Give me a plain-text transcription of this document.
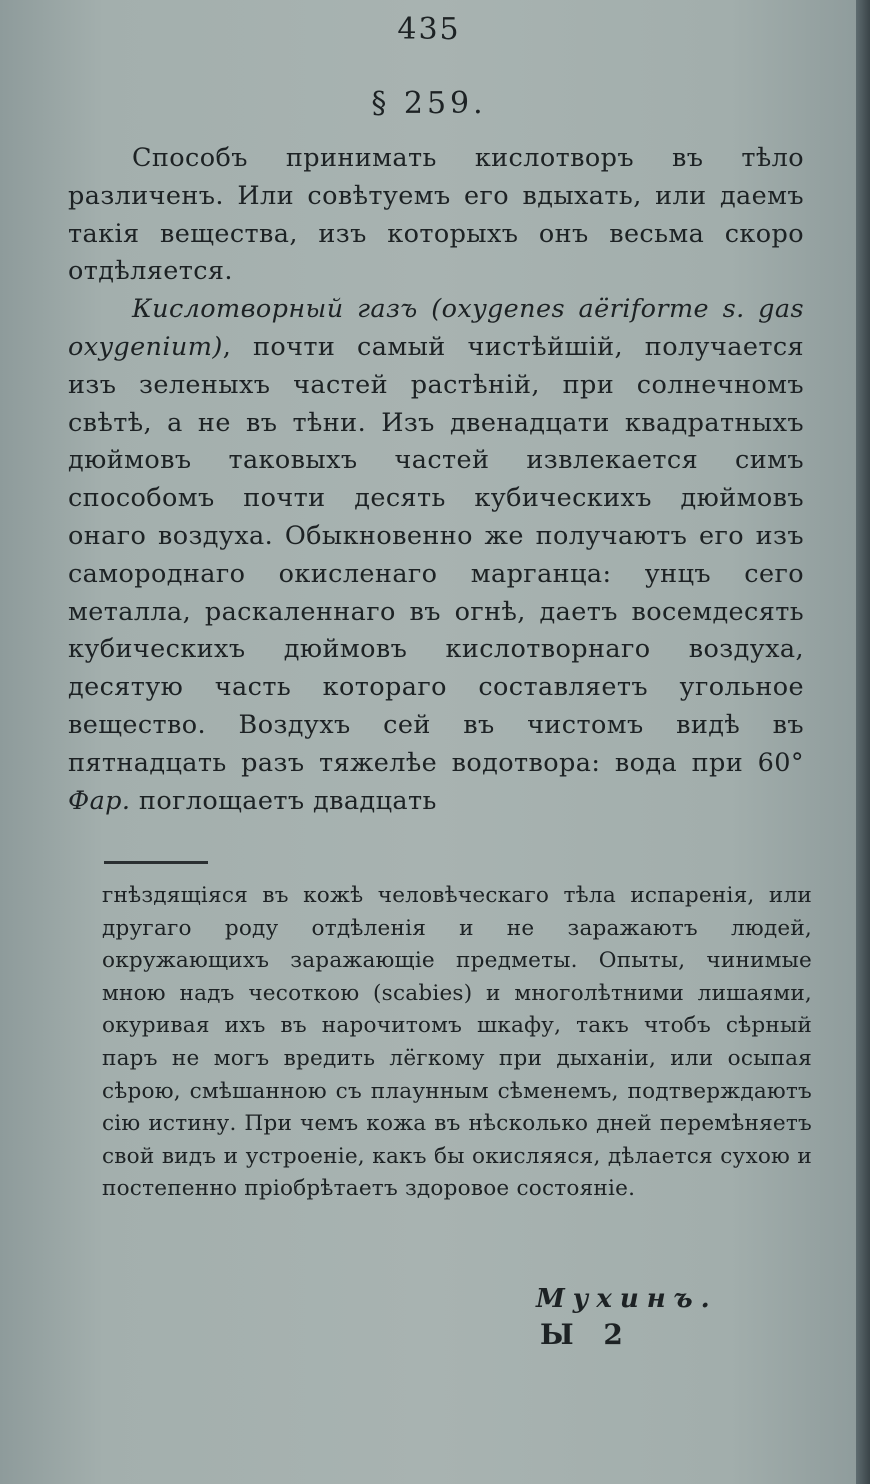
435
§ 259.

Способъ принимать кислотворъ въ тѣло различенъ. Или совѣтуемъ его вдыхать, или даемъ такія вещества, изъ которыхъ онъ весьма скоро отдѣляется.

Кислотворный газъ (oxygenes aëriforme s. gas oxygenium), почти самый чистѣйшій, получается изъ зеленыхъ частей растѣній, при солнечномъ свѣтѣ, а не въ тѣни. Изъ двенадцати квадратныхъ дюймовъ таковыхъ частей извлекается симъ способомъ почти десять кубическихъ дюймовъ онаго воздуха. Обыкновенно же получаютъ его изъ самороднаго окисленаго марганца: унцъ сего металла, раскаленнаго въ огнѣ, даетъ восемдесять кубическихъ дюймовъ кислотворнаго воздуха, десятую часть котораго составляетъ угольное вещество. Воздухъ сей въ чистомъ видѣ въ пятнадцать разъ тяжелѣе водотвора: вода при 60° Фар. поглощаетъ двадцать

гнѣздящіяся въ кожѣ человѣческаго тѣла испаренія, или другаго роду отдѣленія и не заражаютъ людей, окружающихъ заражающіе предметы. Опыты, чинимые мною надъ чесоткою (scabies) и многолѣтними лишаями, окуривая ихъ въ нарочитомъ шкафу, такъ чтобъ сѣрный паръ не могъ вредить лёгкому при дыханіи, или осыпая сѣрою, смѣшанною съ плаунным сѣменемъ, подтверждаютъ сію истину. При чемъ кожа въ нѣсколько дней перемѣняетъ свой видъ и устроеніе, какъ бы окисляяся, дѣлается сухою и постепенно пріобрѣтаетъ здоровое состояніе.
Мухинъ.
Ы 2
